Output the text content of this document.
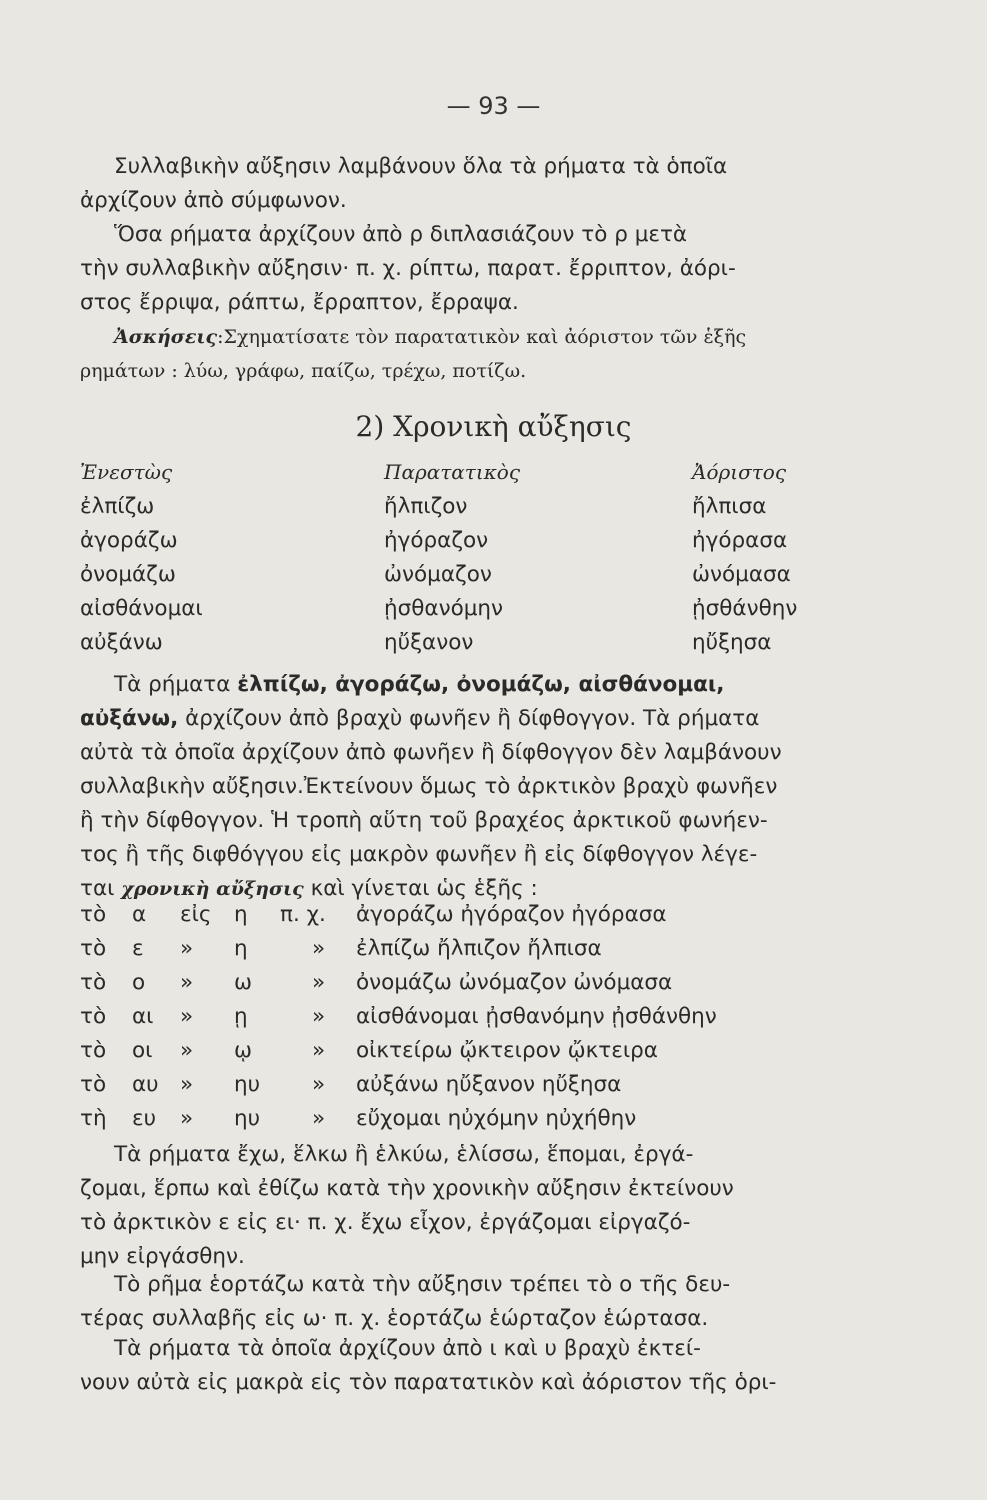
— 93 —

Συλλαβικὴν αὔξησιν λαμβάνουν ὅλα τὰ ρήματα τὰ ὁποῖα

ἀρχίζουν ἀπὸ σύμφωνον.

Ὅσα ρήματα ἀρχίζουν ἀπὸ ρ διπλασιάζουν τὸ ρ μετὰ

τὴν συλλαβικὴν αὔξησιν· π. χ. ρίπτω, παρατ. ἔρριπτον, ἀόρι-

στος ἔρριψα, ράπτω, ἔρραπτον, ἔρραψα.

Ἀσκήσεις:Σχηματίσατε τὸν παρατατικὸν καὶ ἀόριστον τῶν ἑξῆς

ρημάτων : λύω, γράφω, παίζω, τρέχω, ποτίζω.

2) Χρονικὴ αὔξησις
Ἐνεστὼς	Παρατατικὸς	Ἀόριστος
ἐλπίζω	ἤλπιζον	ἤλπισα
ἀγοράζω	ἠγόραζον	ἠγόρασα
ὀνομάζω	ὠνόμαζον	ὠνόμασα
αἰσθάνομαι	ᾐσθανόμην	ᾐσθάνθην
αὐξάνω	ηὔξανον	ηὔξησα

Τὰ ρήματα ἐλπίζω, ἀγοράζω, ὀνομάζω, αἰσθάνομαι,

αὐξάνω, ἀρχίζουν ἀπὸ βραχὺ φωνῆεν ἢ δίφθογγον. Τὰ ρήματα

αὐτὰ τὰ ὁποῖα ἀρχίζουν ἀπὸ φωνῆεν ἢ δίφθογγον δὲν λαμβάνουν

συλλαβικὴν αὔξησιν.Ἐκτείνουν ὅμως τὸ ἀρκτικὸν βραχὺ φωνῆεν

ἢ τὴν δίφθογγον. Ἡ τροπὴ αὕτη τοῦ βραχέος ἀρκτικοῦ φωνήεν-

τος ἢ τῆς διφθόγγου εἰς μακρὸν φωνῆεν ἢ εἰς δίφθογγον λέγε-

ται χρονικὴ αὔξησις καὶ γίνεται ὡς ἑξῆς :

τὸ α εἰς η π. χ. ἀγοράζω ἠγόραζον ἠγόρασα
τὸ ε » η	» ἐλπίζω ἤλπιζον ἤλπισα
τὸ ο » ω	» ὀνομάζω ὠνόμαζον ὠνόμασα
τὸ αι » ῃ	» αἰσθάνομαι ᾐσθανόμην ᾐσθάνθην
τὸ οι » ῳ	» οἰκτείρω ᾤκτειρον ᾤκτειρα
τὸ αυ » ηυ » αὐξάνω ηὔξανον ηὔξησα
τὴ ευ » ηυ » εὔχομαι ηὐχόμην ηὐχήθην

Τὰ ρήματα ἔχω, ἕλκω ἢ ἑλκύω, ἑλίσσω, ἕπομαι, ἐργά-

ζομαι, ἕρπω καὶ ἐθίζω κατὰ τὴν χρονικὴν αὔξησιν ἐκτείνουν

τὸ ἀρκτικὸν ε εἰς ει· π. χ. ἔχω εἶχον, ἐργάζομαι εἰργαζό-

μην εἰργάσθην.

Τὸ ρῆμα ἑορτάζω κατὰ τὴν αὔξησιν τρέπει τὸ ο τῆς δευ-

τέρας συλλαβῆς εἰς ω· π. χ. ἑορτάζω ἑώρταζον ἑώρτασα.

Τὰ ρήματα τὰ ὁποῖα ἀρχίζουν ἀπὸ ι καὶ υ βραχὺ ἐκτεί-

νουν αὐτὰ εἰς μακρὰ εἰς τὸν παρατατικὸν καὶ ἀόριστον τῆς ὁρι-
